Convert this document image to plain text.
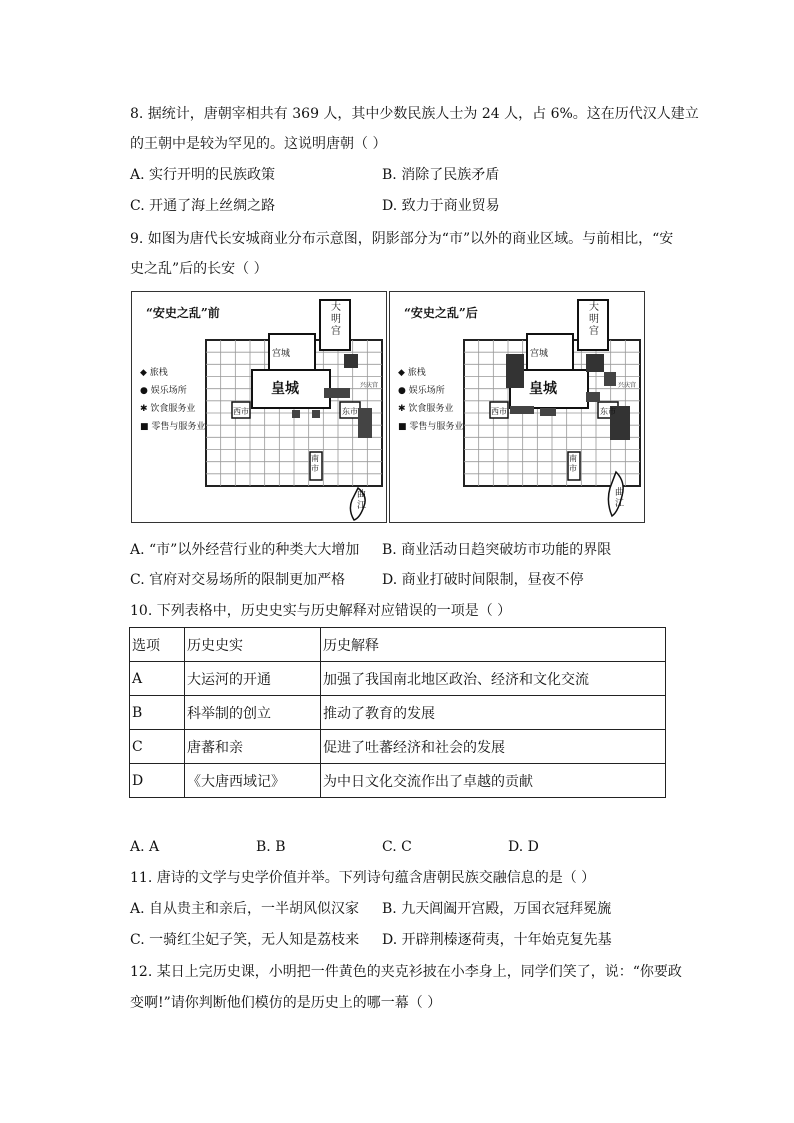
8. 据统计，唐朝宰相共有 369 人，其中少数民族人士为 24 人，占 6%。这在历代汉人建立
的王朝中是较为罕见的。这说明唐朝（ ）
A. 实行开明的民族政策	B. 消除了民族矛盾
C. 开通了海上丝绸之路	D. 致力于商业贸易
9. 如图为唐代长安城商业分布示意图，阴影部分为“市”以外的商业区域。与前相比，“安
史之乱”后的长安（ ）
“安史之乱”前	大
明
宫
宫城
皇城	兴庆宫
西市	东市
南
市
曲
江
◆ 旅栈
● 娱乐场所
✱ 饮食服务业
■ 零售与服务业
“安史之乱”后	大
明
宫
宫城
皇城	兴庆宫
西市	东市
南
市
曲
江
◆ 旅栈
● 娱乐场所
✱ 饮食服务业
■ 零售与服务业
A. “市”以外经营行业的种类大大增加 B. 商业活动日趋突破坊市功能的界限
C. 官府对交易场所的限制更加严格	D. 商业打破时间限制，昼夜不停
10. 下列表格中，历史史实与历史解释对应错误的一项是（ ）
选项	历史史实	历史解释
A	大运河的开通	加强了我国南北地区政治、经济和文化交流
B	科举制的创立	推动了教育的发展
C	唐蕃和亲	促进了吐蕃经济和社会的发展
D	《大唐西域记》	为中日文化交流作出了卓越的贡献
A. A	B. B	C. C	D. D
11. 唐诗的文学与史学价值并举。下列诗句蕴含唐朝民族交融信息的是（ ）
A. 自从贵主和亲后，一半胡风似汉家 B. 九天阊阖开宫殿，万国衣冠拜冕旒
C. 一骑红尘妃子笑，无人知是荔枝来 D. 开辟荆榛逐荷夷，十年始克复先基
12. 某日上完历史课，小明把一件黄色的夹克衫披在小李身上，同学们笑了，说：“你要政
变啊!”请你判断他们模仿的是历史上的哪一幕（ ）
